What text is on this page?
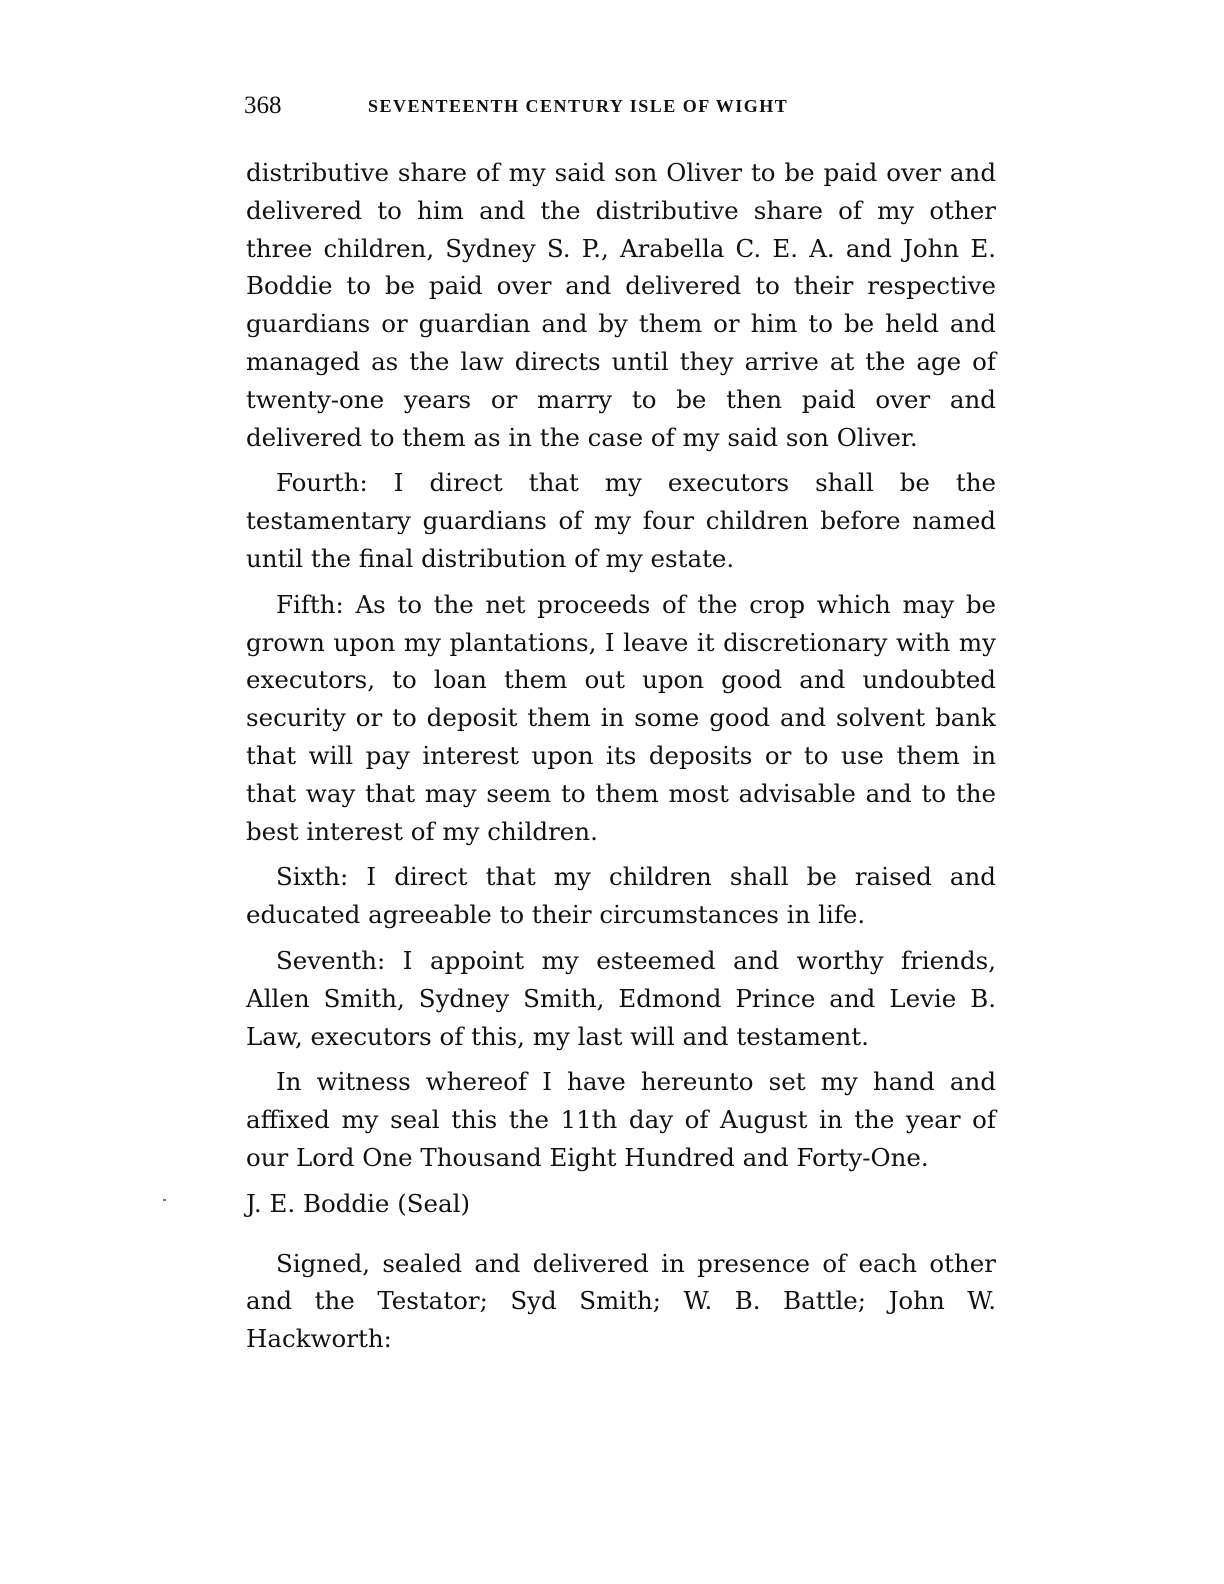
368	SEVENTEENTH CENTURY ISLE OF WIGHT

distributive share of my said son Oliver to be paid over and delivered to him and the distributive share of my other three children, Sydney S. P., Arabella C. E. A. and John E. Boddie to be paid over and delivered to their respective guardians or guardian and by them or him to be held and managed as the law directs until they arrive at the age of twenty-one years or marry to be then paid over and delivered to them as in the case of my said son Oliver.

Fourth: I direct that my executors shall be the testamentary guardians of my four children before named until the final distribution of my estate.

Fifth: As to the net proceeds of the crop which may be grown upon my plantations, I leave it discretionary with my executors, to loan them out upon good and undoubted security or to deposit them in some good and solvent bank that will pay interest upon its deposits or to use them in that way that may seem to them most advisable and to the best interest of my children.

Sixth: I direct that my children shall be raised and educated agreeable to their circumstances in life.

Seventh: I appoint my esteemed and worthy friends, Allen Smith, Sydney Smith, Edmond Prince and Levie B. Law, executors of this, my last will and testament.

In witness whereof I have hereunto set my hand and affixed my seal this the 11th day of August in the year of our Lord One Thousand Eight Hundred and Forty-One.

J. E. Boddie (Seal)

Signed, sealed and delivered in presence of each other and the Testator; Syd Smith; W. B. Battle; John W. Hackworth:
